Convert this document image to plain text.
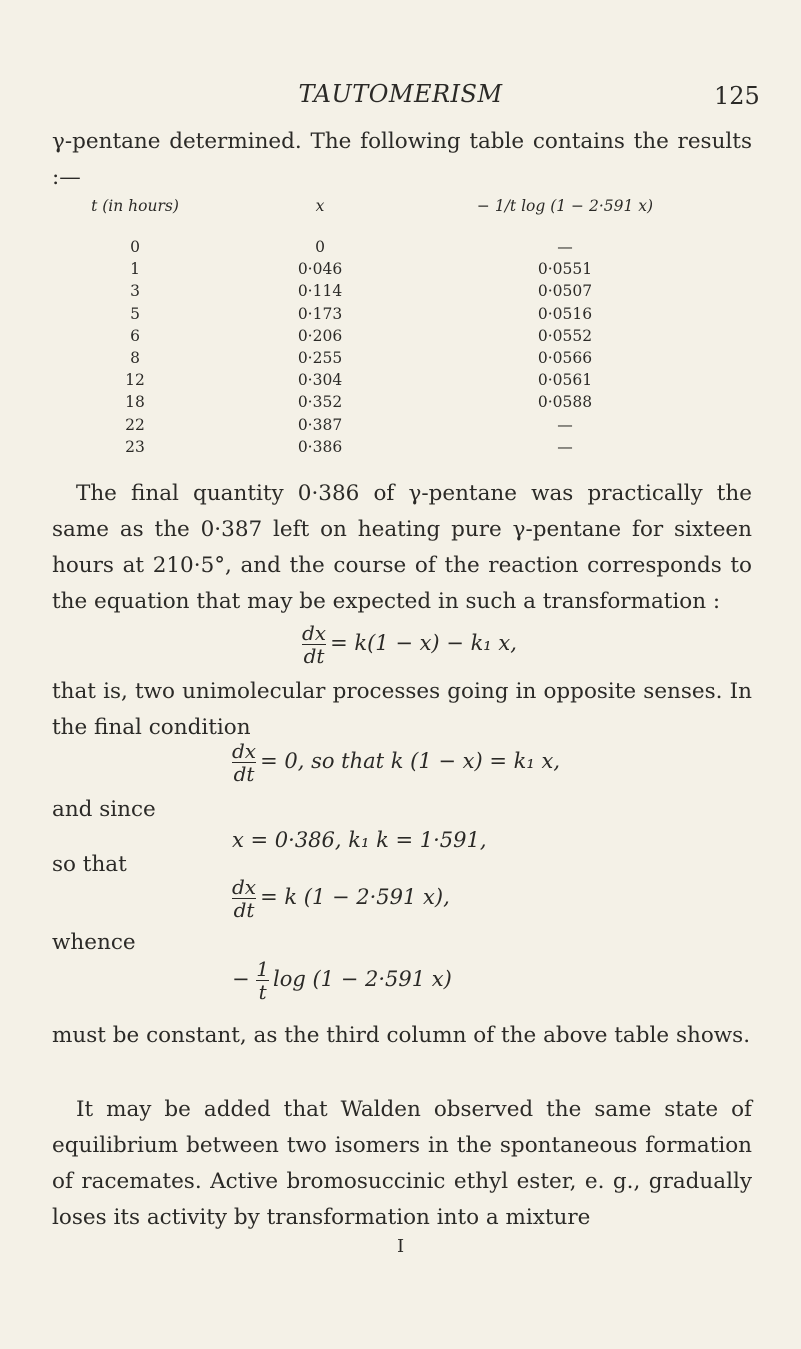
TAUTOMERISM	125
γ-pentane determined. The following table contains the results :—
t (in hours)	x	− 1/t log (1 − 2·591 x)
0	0	—
1	0·046	0·0551
3	0·114	0·0507
5	0·173	0·0516
6	0·206	0·0552
8	0·255	0·0566
12	0·304	0·0561
18	0·352	0·0588
22	0·387	—
23	0·386	—
The final quantity 0·386 of γ-pentane was practically the same as the 0·387 left on heating pure γ-pentane for sixteen hours at 210·5°, and the course of the reaction corresponds to the equation that may be expected in such a transformation :
$\frac{dx}{dt} = k(1 - x) - k_1$ x,
that is, two unimolecular processes going in opposite senses. In the final condition
$\frac{dx}{dt} = 0$, so that k (1 − x) = k₁ x,
and since
x = 0·386, k₁ k = 1·591,
so that
$\frac{dx}{dt} = k$ (1 − 2·591 x),
whence
− $\frac{1}{t}$ log (1 − 2·591 x)
must be constant, as the third column of the above table shows.
It may be added that Walden observed the same state of equilibrium between two isomers in the spontaneous formation of racemates. Active bromosuccinic ethyl ester, e. g., gradually loses its activity by transformation into a mixture
I
